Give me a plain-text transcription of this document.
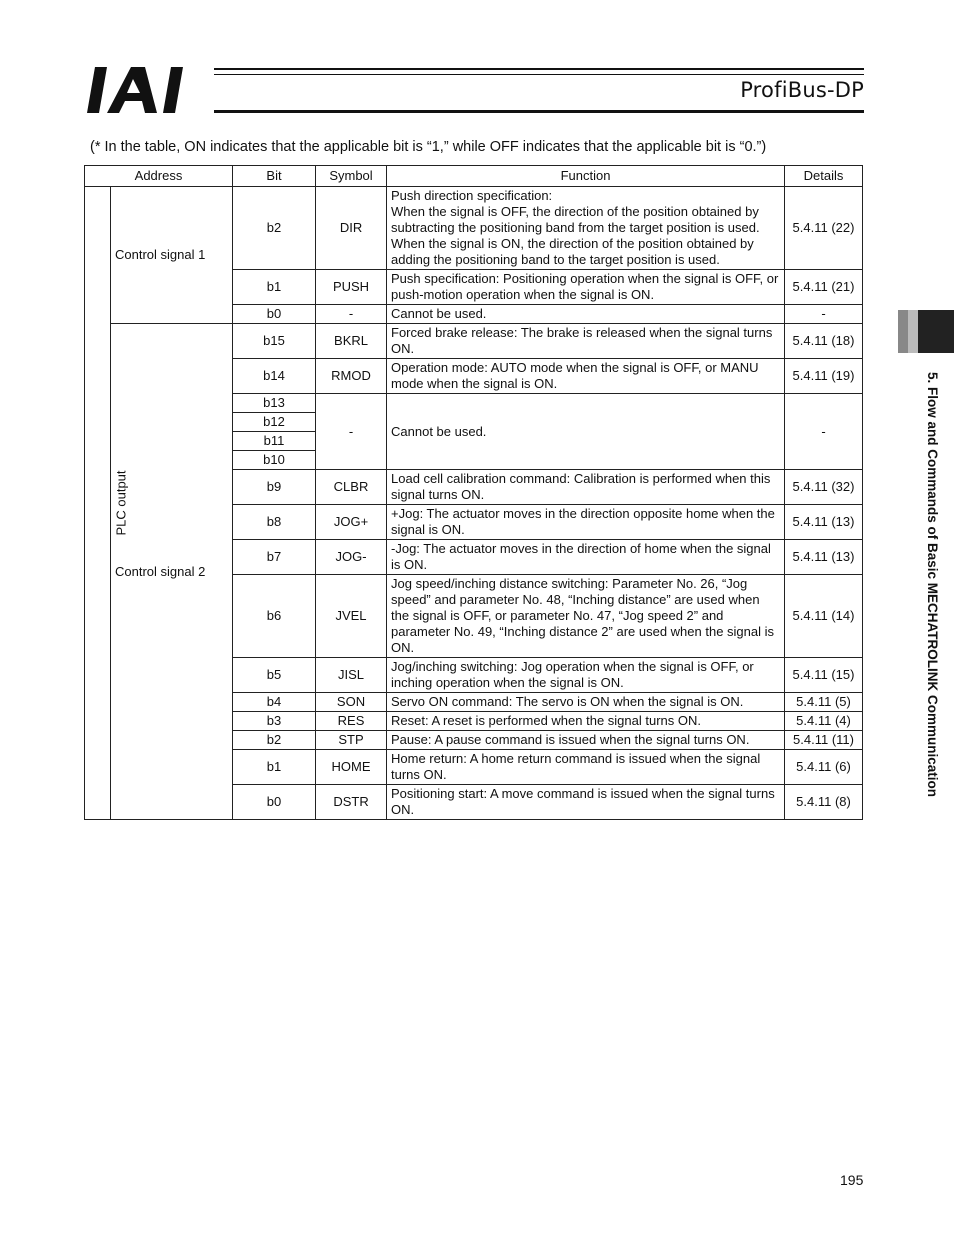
ProfiBus-DP
(* In the table, ON indicates that the applicable bit is “1,” while OFF indicates that the applicable bit is “0.”)
Address		Bit	Symbol	Function	Details
PLC output	Control signal 1	b2	DIR	Push direction specification:
When the signal is OFF, the direction of the position obtained by subtracting the positioning band from the target position is used.
When the signal is ON, the direction of the position obtained by adding the positioning band to the target position is used.	5.4.11 (22)
		b1	PUSH	Push specification: Positioning operation when the signal is OFF, or push-motion operation when the signal is ON.	5.4.11 (21)
		b0	-	Cannot be used.	-
	Control signal 2	b15	BKRL	Forced brake release: The brake is released when the signal turns ON.	5.4.11 (18)
		b14	RMOD	Operation mode: AUTO mode when the signal is OFF, or MANU mode when the signal is ON.	5.4.11 (19)
		b13	-	Cannot be used.	-
		b12			
		b11			
		b10			
		b9	CLBR	Load cell calibration command: Calibration is performed when this signal turns ON.	5.4.11 (32)
		b8	JOG+	+Jog: The actuator moves in the direction opposite home when the signal is ON.	5.4.11 (13)
		b7	JOG-	-Jog: The actuator moves in the direction of home when the signal is ON.	5.4.11 (13)
		b6	JVEL	Jog speed/inching distance switching: Parameter No. 26, “Jog speed” and parameter No. 48, “Inching distance” are used when the signal is OFF, or parameter No. 47, “Jog speed 2” and parameter No. 49, “Inching distance 2” are used when the signal is ON.	5.4.11 (14)
		b5	JISL	Jog/inching switching: Jog operation when the signal is OFF, or inching operation when the signal is ON.	5.4.11 (15)
		b4	SON	Servo ON command: The servo is ON when the signal is ON.	5.4.11 (5)
		b3	RES	Reset: A reset is performed when the signal turns ON.	5.4.11 (4)
		b2	STP	Pause: A pause command is issued when the signal turns ON.	5.4.11 (11)
		b1	HOME	Home return: A home return command is issued when the signal turns ON.	5.4.11 (6)
		b0	DSTR	Positioning start: A move command is issued when the signal turns ON.	5.4.11 (8)
5. Flow and Commands of Basic MECHATROLINK Communication
195
